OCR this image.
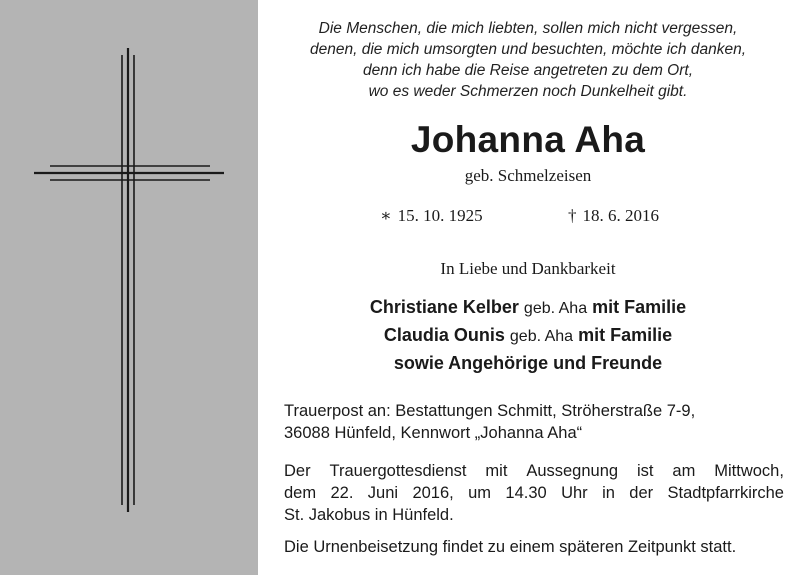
Die Menschen, die mich liebten, sollen mich nicht vergessen,
denen, die mich umsorgten und besuchten, möchte ich danken,
denn ich habe die Reise angetreten zu dem Ort,
wo es weder Schmerzen noch Dunkelheit gibt.
Johanna Aha
geb. Schmelzeisen
∗ 15. 10. 1925	† 18. 6. 2016
In Liebe und Dankbarkeit
Christiane Kelber geb. Aha mit Familie
Claudia Ounis geb. Aha mit Familie
sowie Angehörige und Freunde
Trauerpost an: Bestattungen Schmitt, Ströherstraße 7-9,
36088 Hünfeld, Kennwort „Johanna Aha“
Der Trauergottesdienst mit Aussegnung ist am Mittwoch,
dem 22. Juni 2016, um 14.30 Uhr in der Stadtpfarrkirche
St. Jakobus in Hünfeld.
Die Urnenbeisetzung findet zu einem späteren Zeitpunkt statt.
